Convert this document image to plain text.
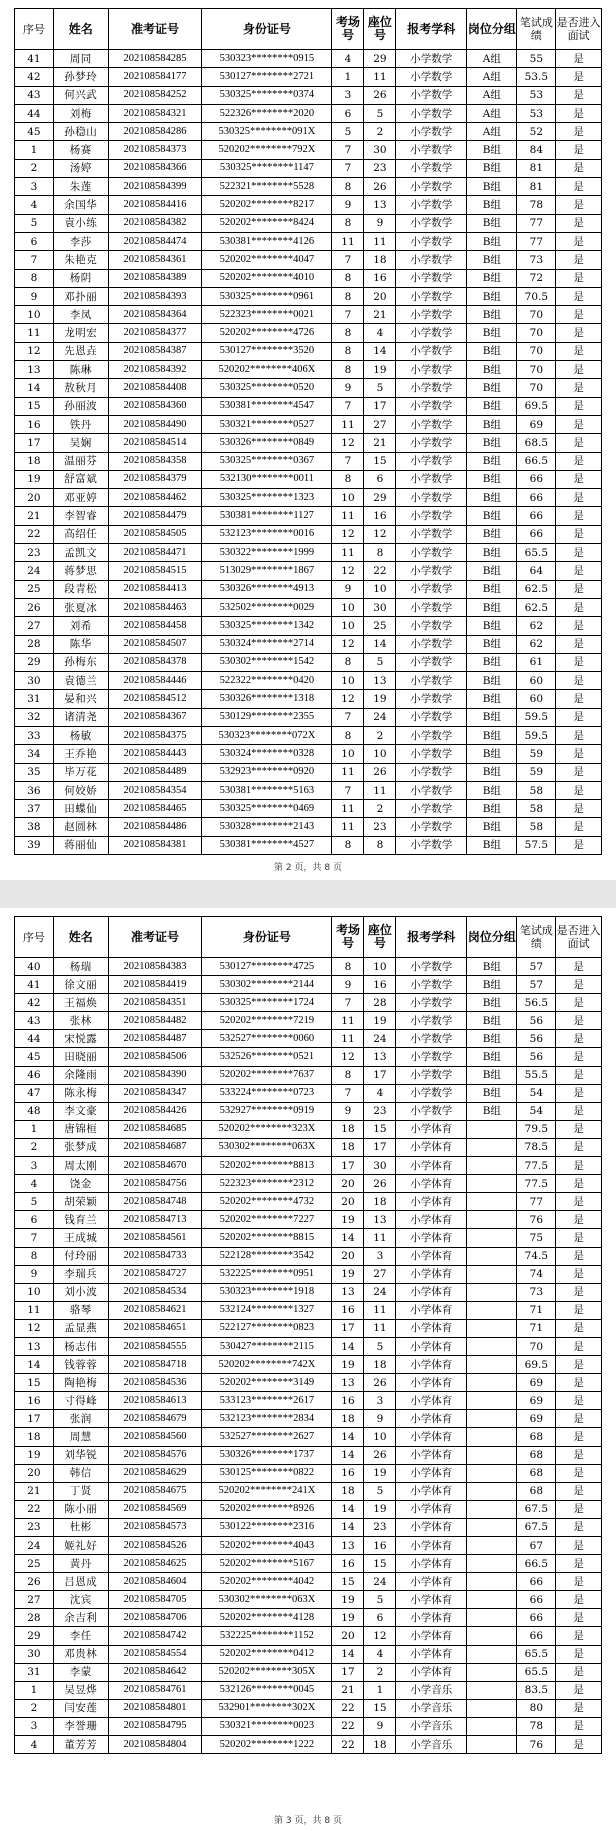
序号	姓名	准考证号	身份证号	考场号	座位号	报考学科	岗位分组	笔试成绩	是否进入面试
41	周同	202108584285	530323********0915	4	29	小学数学	A组	55	是
42	孙梦玲	202108584177	530127********2721	1	11	小学数学	A组	53.5	是
43	何兴武	202108584252	530325********0374	3	26	小学数学	A组	53	是
44	刘梅	202108584321	522326********2020	6	5	小学数学	A组	53	是
45	孙稳山	202108584286	530325********091X	5	2	小学数学	A组	52	是
1	杨赛	202108584373	520202********792X	7	30	小学数学	B组	84	是
2	汤婷	202108584366	530325********1147	7	23	小学数学	B组	81	是
3	朱莲	202108584399	522321********5528	8	26	小学数学	B组	81	是
4	余国华	202108584416	520202********8217	9	13	小学数学	B组	78	是
5	袁小练	202108584382	520202********8424	8	9	小学数学	B组	77	是
6	李莎	202108584474	530381********4126	11	11	小学数学	B组	77	是
7	朱艳克	202108584361	520202********4047	7	18	小学数学	B组	73	是
8	杨阴	202108584389	520202********4010	8	16	小学数学	B组	72	是
9	邓扑丽	202108584393	530325********0961	8	20	小学数学	B组	70.5	是
10	李凤	202108584364	522323********0021	7	21	小学数学	B组	70	是
11	龙明宏	202108584377	520202********4726	8	4	小学数学	B组	70	是
12	先恩垚	202108584387	530127********3520	8	14	小学数学	B组	70	是
13	陈琳	202108584392	520202********406X	8	19	小学数学	B组	70	是
14	敖秋月	202108584408	530325********0520	9	5	小学数学	B组	70	是
15	孙丽波	202108584360	530381********4547	7	17	小学数学	B组	69.5	是
16	铁丹	202108584490	530321********0527	11	27	小学数学	B组	69	是
17	吴娴	202108584514	530326********0849	12	21	小学数学	B组	68.5	是
18	温丽芬	202108584358	530325********0367	7	15	小学数学	B组	66.5	是
19	舒富斌	202108584379	532130********0011	8	6	小学数学	B组	66	是
20	邓亚婷	202108584462	530325********1323	10	29	小学数学	B组	66	是
21	李智睿	202108584479	530381********1127	11	16	小学数学	B组	66	是
22	高绍任	202108584505	532123********0016	12	12	小学数学	B组	66	是
23	孟凯文	202108584471	530322********1999	11	8	小学数学	B组	65.5	是
24	蒋梦思	202108584515	513029********1867	12	22	小学数学	B组	64	是
25	段青松	202108584413	530326********4913	9	10	小学数学	B组	62.5	是
26	张夏冰	202108584463	532502********0029	10	30	小学数学	B组	62.5	是
27	刘希	202108584458	530325********1342	10	25	小学数学	B组	62	是
28	陈华	202108584507	530324********2714	12	14	小学数学	B组	62	是
29	孙梅东	202108584378	530302********1542	8	5	小学数学	B组	61	是
30	袁德兰	202108584446	522322********0420	10	13	小学数学	B组	60	是
31	晏和兴	202108584512	530326********1318	12	19	小学数学	B组	60	是
32	诸清尧	202108584367	530129********2355	7	24	小学数学	B组	59.5	是
33	杨敏	202108584375	530323********072X	8	2	小学数学	B组	59.5	是
34	王乔艳	202108584443	530324********0328	10	10	小学数学	B组	59	是
35	毕万花	202108584489	532923********0920	11	26	小学数学	B组	59	是
36	何姣娇	202108584354	530381********5163	7	11	小学数学	B组	58	是
37	田蝶仙	202108584465	530325********0469	11	2	小学数学	B组	58	是
38	赵圆林	202108584486	530328********2143	11	23	小学数学	B组	58	是
39	蒋丽仙	202108584381	530381********4527	8	8	小学数学	B组	57.5	是
第 2 页，共 8 页
序号	姓名	准考证号	身份证号	考场号	座位号	报考学科	岗位分组	笔试成绩	是否进入面试
40	杨瑞	202108584383	530127********4725	8	10	小学数学	B组	57	是
41	徐文丽	202108584419	530302********2144	9	16	小学数学	B组	57	是
42	王福焕	202108584351	530325********1724	7	28	小学数学	B组	56.5	是
43	张林	202108584482	520202********7219	11	19	小学数学	B组	56	是
44	宋悦露	202108584487	532527********0060	11	24	小学数学	B组	56	是
45	田晓丽	202108584506	532526********0521	12	13	小学数学	B组	56	是
46	余隆雨	202108584390	520202********7637	8	17	小学数学	B组	55.5	是
47	陈永梅	202108584347	533224********0723	7	4	小学数学	B组	54	是
48	李文豪	202108584426	532927********0919	9	23	小学数学	B组	54	是
1	唐锦桓	202108584685	520202********323X	18	15	小学体育		79.5	是
2	张梦成	202108584687	530302********063X	18	17	小学体育		78.5	是
3	周太刚	202108584670	520202********8813	17	30	小学体育		77.5	是
4	饶金	202108584756	522323********2312	20	26	小学体育		77.5	是
5	胡荣颖	202108584748	520202********4732	20	18	小学体育		77	是
6	钱育兰	202108584713	520202********7227	19	13	小学体育		76	是
7	王成城	202108584561	520202********8815	14	11	小学体育		75	是
8	付玲丽	202108584733	522128********3542	20	3	小学体育		74.5	是
9	李瑞兵	202108584727	532225********0951	19	27	小学体育		74	是
10	刘小波	202108584534	530323********1918	13	24	小学体育		73	是
11	骆琴	202108584621	532124********1327	16	11	小学体育		71	是
12	孟显燕	202108584651	522127********0823	17	11	小学体育		71	是
13	杨志伟	202108584555	530427********2115	14	5	小学体育		70	是
14	钱蓉蓉	202108584718	520202********742X	19	18	小学体育		69.5	是
15	陶艳梅	202108584536	520202********3149	13	26	小学体育		69	是
16	寸得峰	202108584613	533123********2617	16	3	小学体育		69	是
17	张润	202108584679	532123********2834	18	9	小学体育		69	是
18	周慧	202108584560	532527********2627	14	10	小学体育		68	是
19	刘华锐	202108584576	530326********1737	14	26	小学体育		68	是
20	韩信	202108584629	530125********0822	16	19	小学体育		68	是
21	丁贤	202108584675	520202********241X	18	5	小学体育		68	是
22	陈小丽	202108584569	520202********8926	14	19	小学体育		67.5	是
23	杜彬	202108584573	530122********2316	14	23	小学体育		67.5	是
24	姬礼好	202108584526	520202********4043	13	16	小学体育		67	是
25	黄丹	202108584625	520202********5167	16	15	小学体育		66.5	是
26	吕恩成	202108584604	520202********4042	15	24	小学体育		66	是
27	沈宾	202108584705	530302********063X	19	5	小学体育		66	是
28	余吉利	202108584706	520202********4128	19	6	小学体育		66	是
29	李任	202108584742	532225********1152	20	12	小学体育		66	是
30	邓贵林	202108584554	520202********0412	14	4	小学体育		65.5	是
31	李蒙	202108584642	520202********305X	17	2	小学体育		65.5	是
1	吴昱烨	202108584761	532126********0045	21	1	小学音乐		83.5	是
2	闫安莲	202108584801	532901********302X	22	15	小学音乐		80	是
3	李誉珊	202108584795	530321********0023	22	9	小学音乐		78	是
4	董芳芳	202108584804	520202********1222	22	18	小学音乐		76	是
第 3 页，共 8 页
